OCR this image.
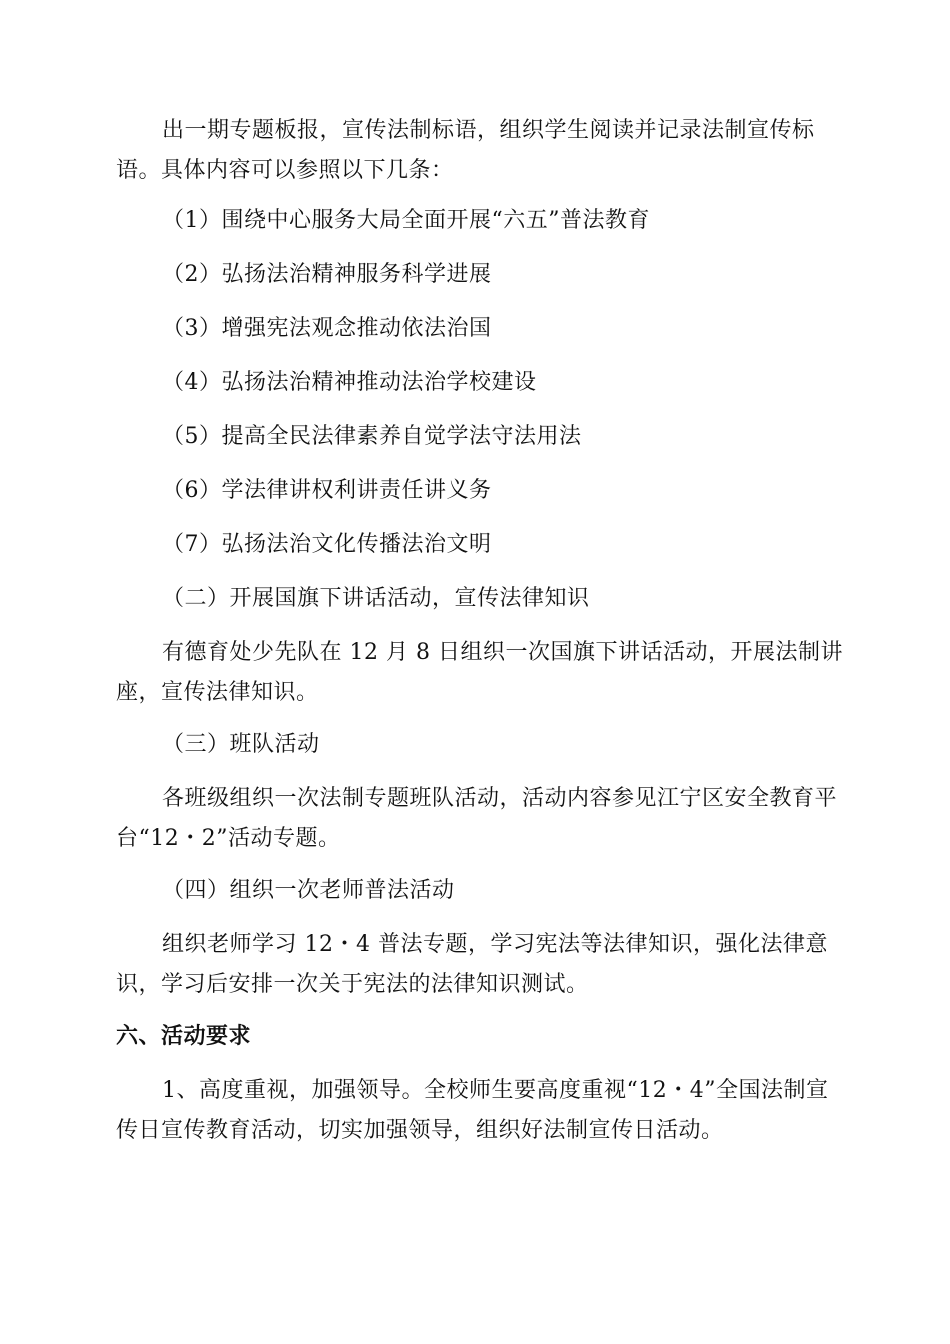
出一期专题板报，宣传法制标语，组织学生阅读并记录法制宣传标
语。具体内容可以参照以下几条：
（1）围绕中心服务大局全面开展“六五”普法教育
（2）弘扬法治精神服务科学进展
（3）增强宪法观念推动依法治国
（4）弘扬法治精神推动法治学校建设
（5）提高全民法律素养自觉学法守法用法
（6）学法律讲权利讲责任讲义务
（7）弘扬法治文化传播法治文明
（二）开展国旗下讲话活动，宣传法律知识
有德育处少先队在 12 月 8 日组织一次国旗下讲话活动，开展法制讲
座，宣传法律知识。
（三）班队活动
各班级组织一次法制专题班队活动，活动内容参见江宁区安全教育平
台“12・2”活动专题。
（四）组织一次老师普法活动
组织老师学习 12・4 普法专题，学习宪法等法律知识，强化法律意
识，学习后安排一次关于宪法的法律知识测试。
六、活动要求
1、高度重视，加强领导。全校师生要高度重视“12・4”全国法制宣
传日宣传教育活动，切实加强领导，组织好法制宣传日活动。
